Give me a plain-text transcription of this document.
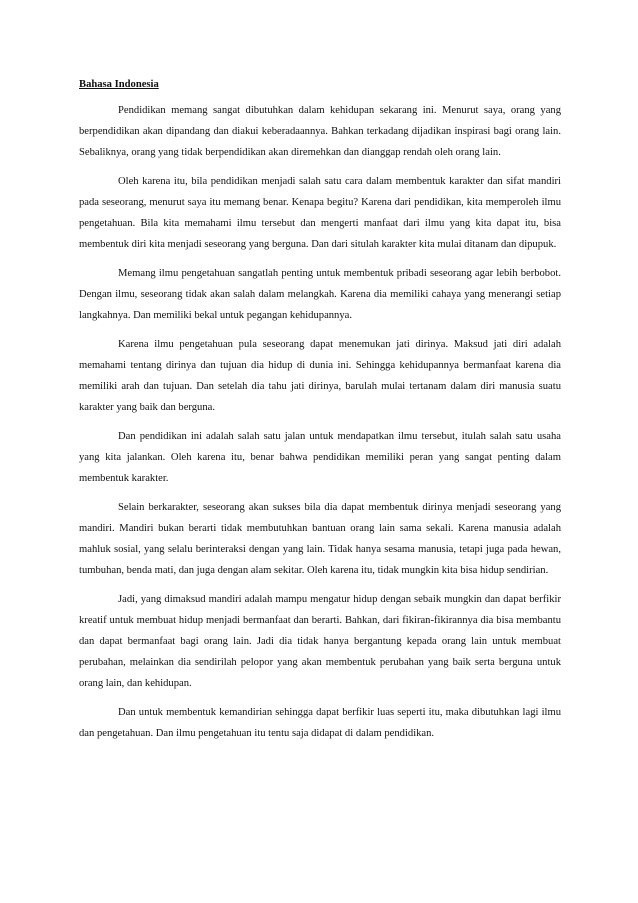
Bahasa Indonesia

Pendidikan memang sangat dibutuhkan dalam kehidupan sekarang ini. Menurut saya, orang yang berpendidikan akan dipandang dan diakui keberadaannya. Bahkan terkadang dijadikan inspirasi bagi orang lain. Sebaliknya, orang yang tidak berpendidikan akan diremehkan dan dianggap rendah oleh orang lain.

Oleh karena itu, bila pendidikan menjadi salah satu cara dalam membentuk karakter dan sifat mandiri pada seseorang, menurut saya itu memang benar. Kenapa begitu? Karena dari pendidikan, kita memperoleh ilmu pengetahuan. Bila kita memahami ilmu tersebut dan mengerti manfaat dari ilmu yang kita dapat itu, bisa membentuk diri kita menjadi seseorang yang berguna. Dan dari situlah karakter kita mulai ditanam dan dipupuk.

Memang ilmu pengetahuan sangatlah penting untuk membentuk pribadi seseorang agar lebih berbobot. Dengan ilmu, seseorang tidak akan salah dalam melangkah. Karena dia memiliki cahaya yang menerangi setiap langkahnya. Dan memiliki bekal untuk pegangan kehidupannya.

Karena ilmu pengetahuan pula seseorang dapat menemukan jati dirinya. Maksud jati diri adalah memahami tentang dirinya dan tujuan dia hidup di dunia ini. Sehingga kehidupannya bermanfaat karena dia memiliki arah dan tujuan. Dan setelah dia tahu jati dirinya, barulah mulai tertanam dalam diri manusia suatu karakter yang baik dan berguna.

Dan pendidikan ini adalah salah satu jalan untuk mendapatkan ilmu tersebut, itulah salah satu usaha yang kita jalankan. Oleh karena itu, benar bahwa pendidikan memiliki peran yang sangat penting dalam membentuk karakter.

Selain berkarakter, seseorang akan sukses bila dia dapat membentuk dirinya menjadi seseorang yang mandiri. Mandiri bukan berarti tidak membutuhkan bantuan orang lain sama sekali. Karena manusia adalah mahluk sosial, yang selalu berinteraksi dengan yang lain. Tidak hanya sesama manusia, tetapi juga pada hewan, tumbuhan, benda mati, dan juga dengan alam sekitar. Oleh karena itu, tidak mungkin kita bisa hidup sendirian.

Jadi, yang dimaksud mandiri adalah mampu mengatur hidup dengan sebaik mungkin dan dapat berfikir kreatif untuk membuat hidup menjadi bermanfaat dan berarti. Bahkan, dari fikiran-fikirannya dia bisa membantu dan dapat bermanfaat bagi orang lain. Jadi dia tidak hanya bergantung kepada orang lain untuk membuat perubahan, melainkan dia sendirilah pelopor yang akan membentuk perubahan yang baik serta berguna untuk orang lain, dan kehidupan.

Dan untuk membentuk kemandirian sehingga dapat berfikir luas seperti itu, maka dibutuhkan lagi ilmu dan pengetahuan. Dan ilmu pengetahuan itu tentu saja didapat di dalam pendidikan.
